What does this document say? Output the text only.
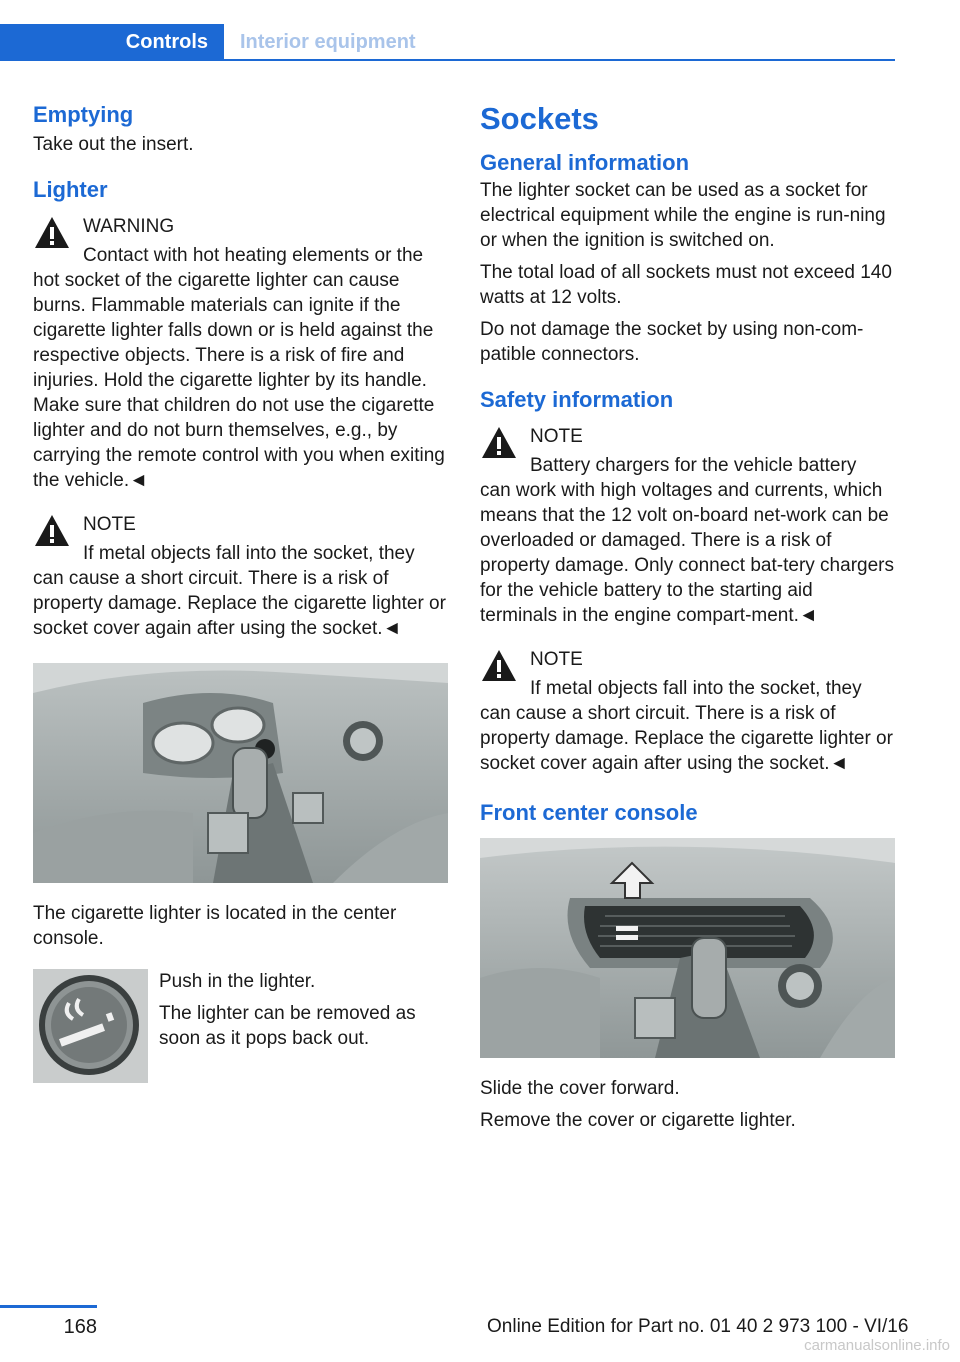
Controls	Interior equipment
Emptying
Take out the insert.
Lighter
WARNING
Contact with hot heating elements or the
hot socket of the cigarette lighter can cause burns. Flammable materials can ignite if the cigarette lighter falls down or is held against the respective objects. There is a risk of fire and injuries. Hold the cigarette lighter by its handle. Make sure that children do not use the cigarette lighter and do not burn themselves, e.g., by carrying the remote control with you when exiting the vehicle.◄
NOTE
If metal objects fall into the socket, they
can cause a short circuit. There is a risk of property damage. Replace the cigarette lighter or socket cover again after using the socket.◄
The cigarette lighter is located in the center console.
Push in the lighter.
The lighter can be removed as soon as it pops back out.
Sockets
General information
The lighter socket can be used as a socket for electrical equipment while the engine is run-ning or when the ignition is switched on.
The total load of all sockets must not exceed 140 watts at 12 volts.
Do not damage the socket by using non-com-patible connectors.
Safety information
NOTE
Battery chargers for the vehicle battery
can work with high voltages and currents, which means that the 12 volt on-board net-work can be overloaded or damaged. There is a risk of property damage. Only connect bat-tery chargers for the vehicle battery to the starting aid terminals in the engine compart-ment.◄
NOTE
If metal objects fall into the socket, they
can cause a short circuit. There is a risk of property damage. Replace the cigarette lighter or socket cover again after using the socket.◄
Front center console
Slide the cover forward.
Remove the cover or cigarette lighter.
168	Online Edition for Part no. 01 40 2 973 100 - VI/16
carmanualsonline.info
